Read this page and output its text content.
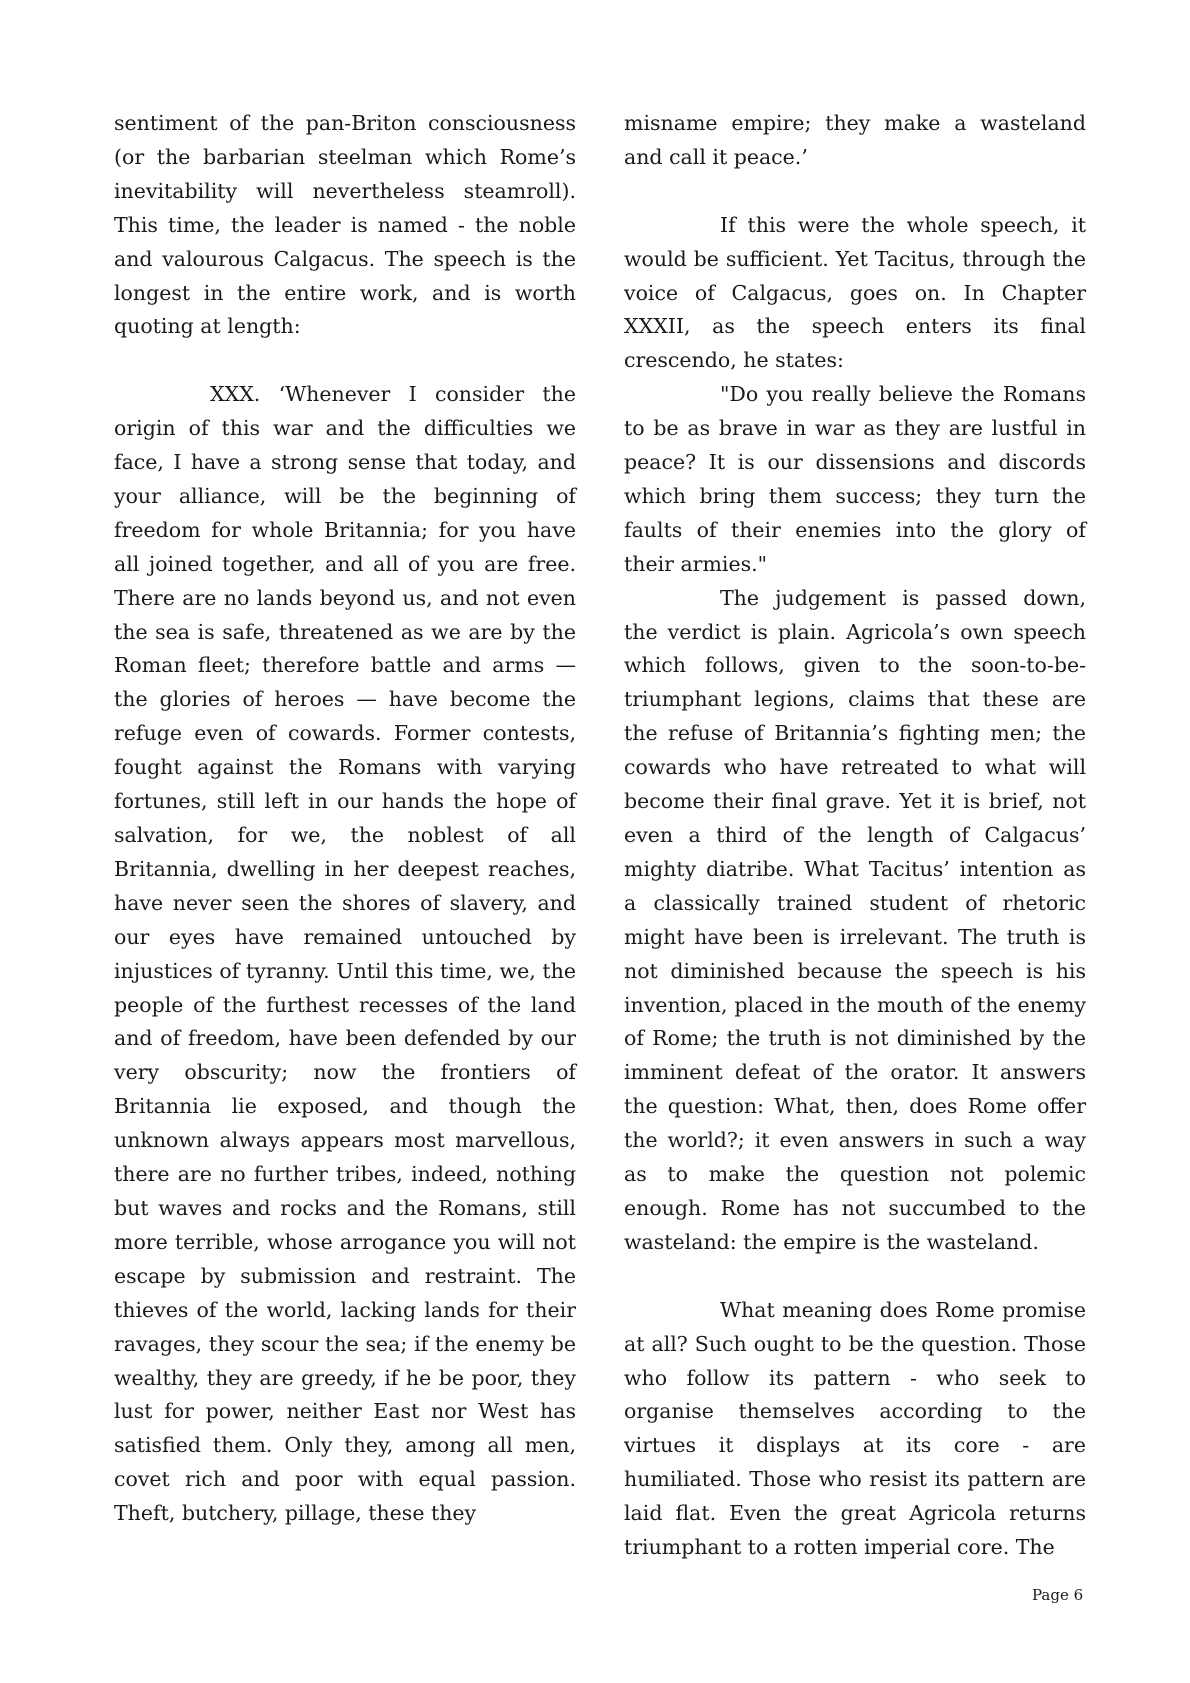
sentiment of the pan-Briton consciousness (or the barbarian steelman which Rome’s inevitability will nevertheless steamroll). This time, the leader is named - the noble and valourous Calgacus. The speech is the longest in the entire work, and is worth quoting at length:

XXX. ‘Whenever I consider the origin of this war and the difficulties we face, I have a strong sense that today, and your alliance, will be the beginning of freedom for whole Britannia; for you have all joined together, and all of you are free. There are no lands beyond us, and not even the sea is safe, threatened as we are by the Roman fleet; therefore battle and arms — the glories of heroes — have become the refuge even of cowards. Former contests, fought against the Romans with varying fortunes, still left in our hands the hope of salvation, for we, the noblest of all Britannia, dwelling in her deepest reaches, have never seen the shores of slavery, and our eyes have remained untouched by injustices of tyranny. Until this time, we, the people of the furthest recesses of the land and of freedom, have been defended by our very obscurity; now the frontiers of Britannia lie exposed, and though the unknown always appears most marvellous, there are no further tribes, indeed, nothing but waves and rocks and the Romans, still more terrible, whose arrogance you will not escape by submission and restraint. The thieves of the world, lacking lands for their ravages, they scour the sea; if the enemy be wealthy, they are greedy, if he be poor, they lust for power, neither East nor West has satisfied them. Only they, among all men, covet rich and poor with equal passion. Theft, butchery, pillage, these they

misname empire; they make a wasteland and call it peace.’

If this were the whole speech, it would be sufficient. Yet Tacitus, through the voice of Calgacus, goes on. In Chapter XXXII, as the speech enters its final crescendo, he states:

"Do you really believe the Romans to be as brave in war as they are lustful in peace? It is our dissensions and discords which bring them success; they turn the faults of their enemies into the glory of their armies."

The judgement is passed down, the verdict is plain. Agricola’s own speech which follows, given to the soon-to-be-triumphant legions, claims that these are the refuse of Britannia’s fighting men; the cowards who have retreated to what will become their final grave. Yet it is brief, not even a third of the length of Calgacus’ mighty diatribe. What Tacitus’ intention as a classically trained student of rhetoric might have been is irrelevant. The truth is not diminished because the speech is his invention, placed in the mouth of the enemy of Rome; the truth is not diminished by the imminent defeat of the orator. It answers the question: What, then, does Rome offer the world?; it even answers in such a way as to make the question not polemic enough. Rome has not succumbed to the wasteland: the empire is the wasteland.

What meaning does Rome promise at all? Such ought to be the question. Those who follow its pattern - who seek to organise themselves according to the virtues it displays at its core - are humiliated. Those who resist its pattern are laid flat. Even the great Agricola returns triumphant to a rotten imperial core. The

Page 6
